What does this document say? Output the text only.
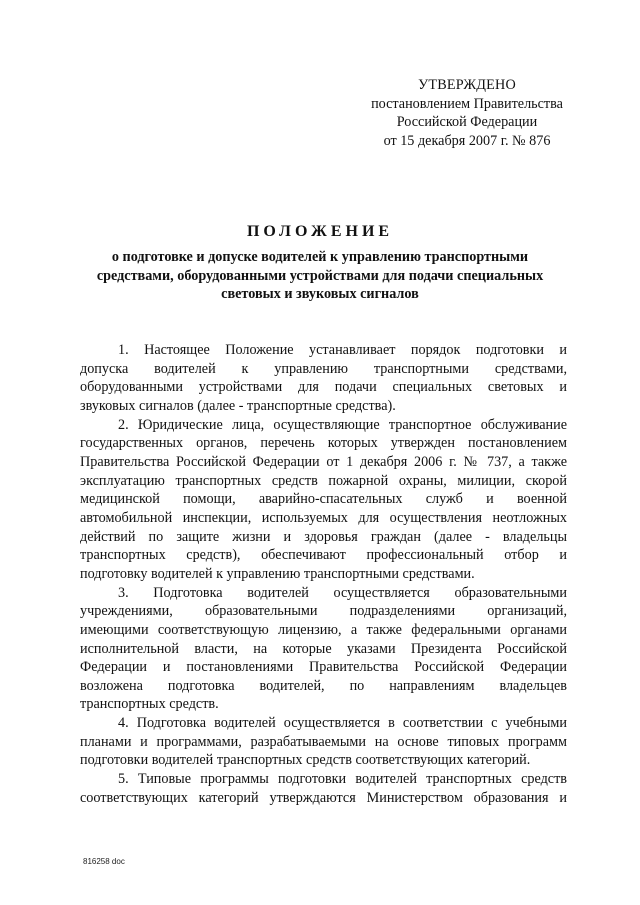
УТВЕРЖДЕНО
постановлением Правительства
Российской Федерации
от 15 декабря 2007 г. № 876
ПОЛОЖЕНИЕ
о подготовке и допуске водителей к управлению транспортными
средствами, оборудованными устройствами для подачи специальных
световых и звуковых сигналов
1. Настоящее Положение устанавливает порядок подготовки и
допуска водителей к управлению транспортными средствами,
оборудованными устройствами для подачи специальных световых и
звуковых сигналов (далее - транспортные средства).
2. Юридические лица, осуществляющие транспортное обслуживание
государственных органов, перечень которых утвержден постановлением
Правительства Российской Федерации от 1 декабря 2006 г. № 737, а также
эксплуатацию транспортных средств пожарной охраны, милиции, скорой
медицинской помощи, аварийно-спасательных служб и военной
автомобильной инспекции, используемых для осуществления неотложных
действий по защите жизни и здоровья граждан (далее - владельцы
транспортных средств), обеспечивают профессиональный отбор и
подготовку водителей к управлению транспортными средствами.
3. Подготовка водителей осуществляется образовательными
учреждениями, образовательными подразделениями организаций,
имеющими соответствующую лицензию, а также федеральными органами
исполнительной власти, на которые указами Президента Российской
Федерации и постановлениями Правительства Российской Федерации
возложена подготовка водителей, по направлениям владельцев
транспортных средств.
4. Подготовка водителей осуществляется в соответствии с учебными
планами и программами, разрабатываемыми на основе типовых программ
подготовки водителей транспортных средств соответствующих категорий.
5. Типовые программы подготовки водителей транспортных средств
соответствующих категорий утверждаются Министерством образования и
816258 doc
